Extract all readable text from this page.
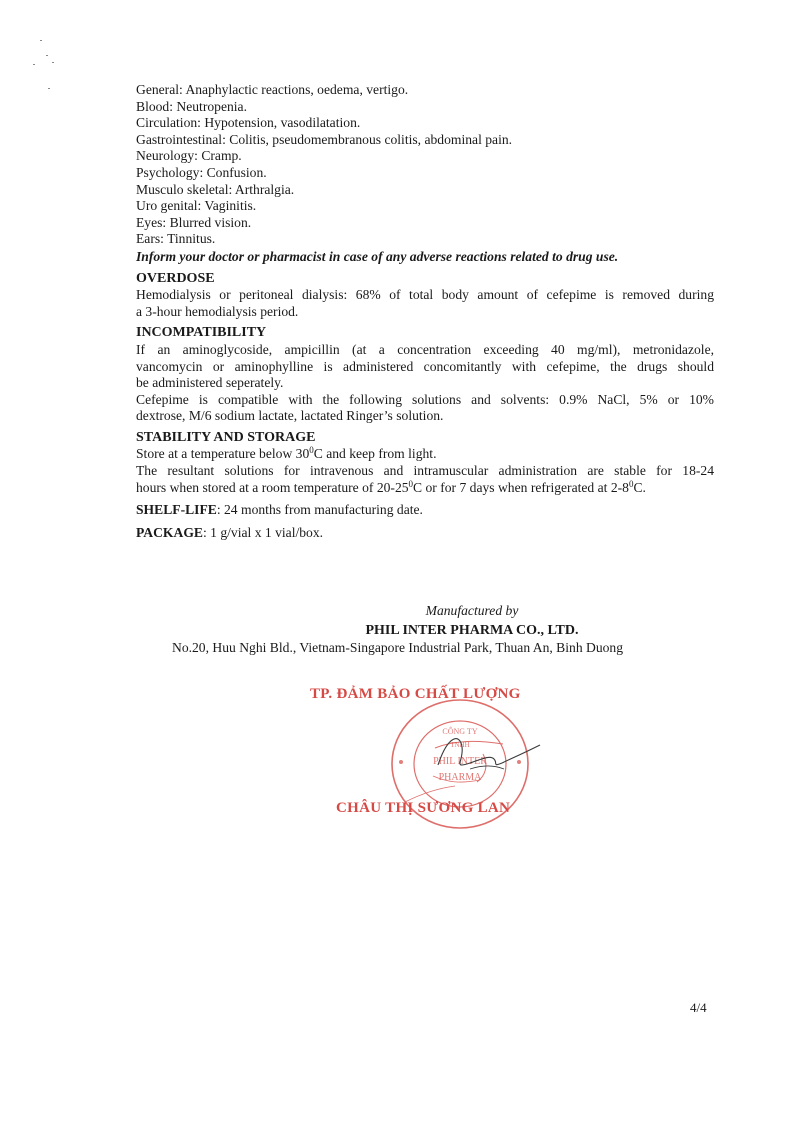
General: Anaphylactic reactions, oedema, vertigo.
Blood: Neutropenia.
Circulation: Hypotension, vasodilatation.
Gastrointestinal: Colitis, pseudomembranous colitis, abdominal pain.
Neurology: Cramp.
Psychology: Confusion.
Musculo skeletal: Arthralgia.
Uro genital: Vaginitis.
Eyes: Blurred vision.
Ears: Tinnitus.
Inform your doctor or pharmacist in case of any adverse reactions related to drug use.
OVERDOSE
Hemodialysis or peritoneal dialysis: 68% of total body amount of cefepime is removed during
a 3-hour hemodialysis period.
INCOMPATIBILITY
If an aminoglycoside, ampicillin (at a concentration exceeding 40 mg/ml), metronidazole,
vancomycin or aminophylline is administered concomitantly with cefepime, the drugs should
be administered seperately.
Cefepime is compatible with the following solutions and solvents: 0.9% NaCl, 5% or 10%
dextrose, M/6 sodium lactate, lactated Ringer’s solution.
STABILITY AND STORAGE
Store at a temperature below $30^0C$ and keep from light.
The resultant solutions for intravenous and intramuscular administration are stable for 18-24
hours when stored at a room temperature of $20-25^0C$ or for 7 days when refrigerated at $2-8^0C$.
SHELF-LIFE: 24 months from manufacturing date.
PACKAGE: 1 g/vial x 1 vial/box.
Manufactured by
PHIL INTER PHARMA CO., LTD.
No.20, Huu Nghi Bld., Vietnam-Singapore Industrial Park, Thuan An, Binh Duong
CÔNG TY
TNHH
PHIL INTER
PHARMA
TP. ĐẢM BẢO CHẤT LƯỢNG
CHÂU THỊ SƯƠNG LAN
4/4
